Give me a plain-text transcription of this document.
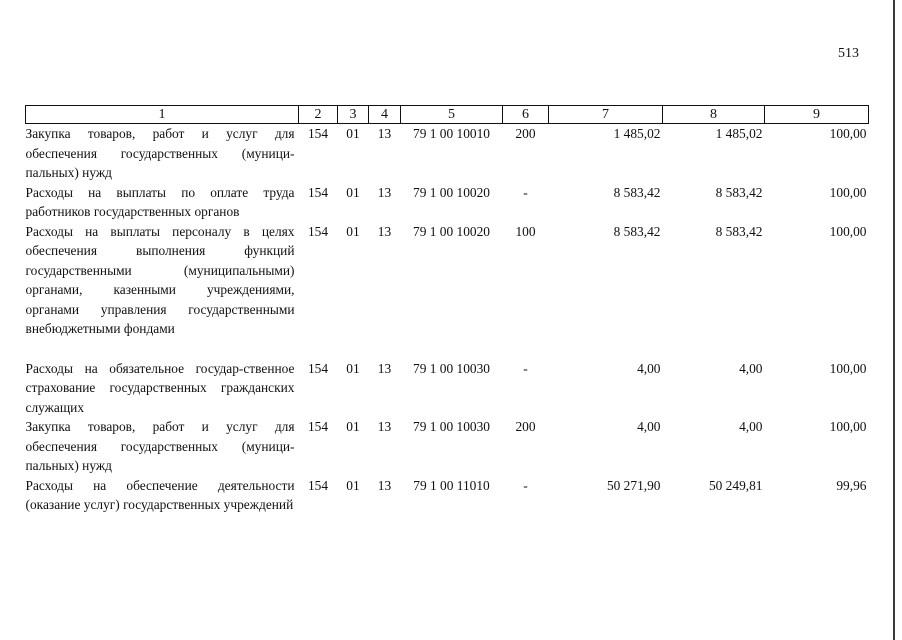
513
1	2	3	4	5	6	7	8	9
Закупка товаров, работ и услуг для обеспечения государственных (муници-пальных) нужд	154	01	13	79 1 00 10010	200	1 485,02	1 485,02	100,00
Расходы на выплаты по оплате труда работников государственных органов	154	01	13	79 1 00 10020	-	8 583,42	8 583,42	100,00
Расходы на выплаты персоналу в целях обеспечения выполнения функций государственными (муниципальными) органами, казенными учреждениями, органами управления государственными внебюджетными фондами	154	01	13	79 1 00 10020	100	8 583,42	8 583,42	100,00

Расходы на обязательное государ-ственное страхование государственных гражданских служащих	154	01	13	79 1 00 10030	-	4,00	4,00	100,00
Закупка товаров, работ и услуг для обеспечения государственных (муници-пальных) нужд	154	01	13	79 1 00 10030	200	4,00	4,00	100,00
Расходы на обеспечение деятельности (оказание услуг) государственных учреждений	154	01	13	79 1 00 11010	-	50 271,90	50 249,81	99,96
